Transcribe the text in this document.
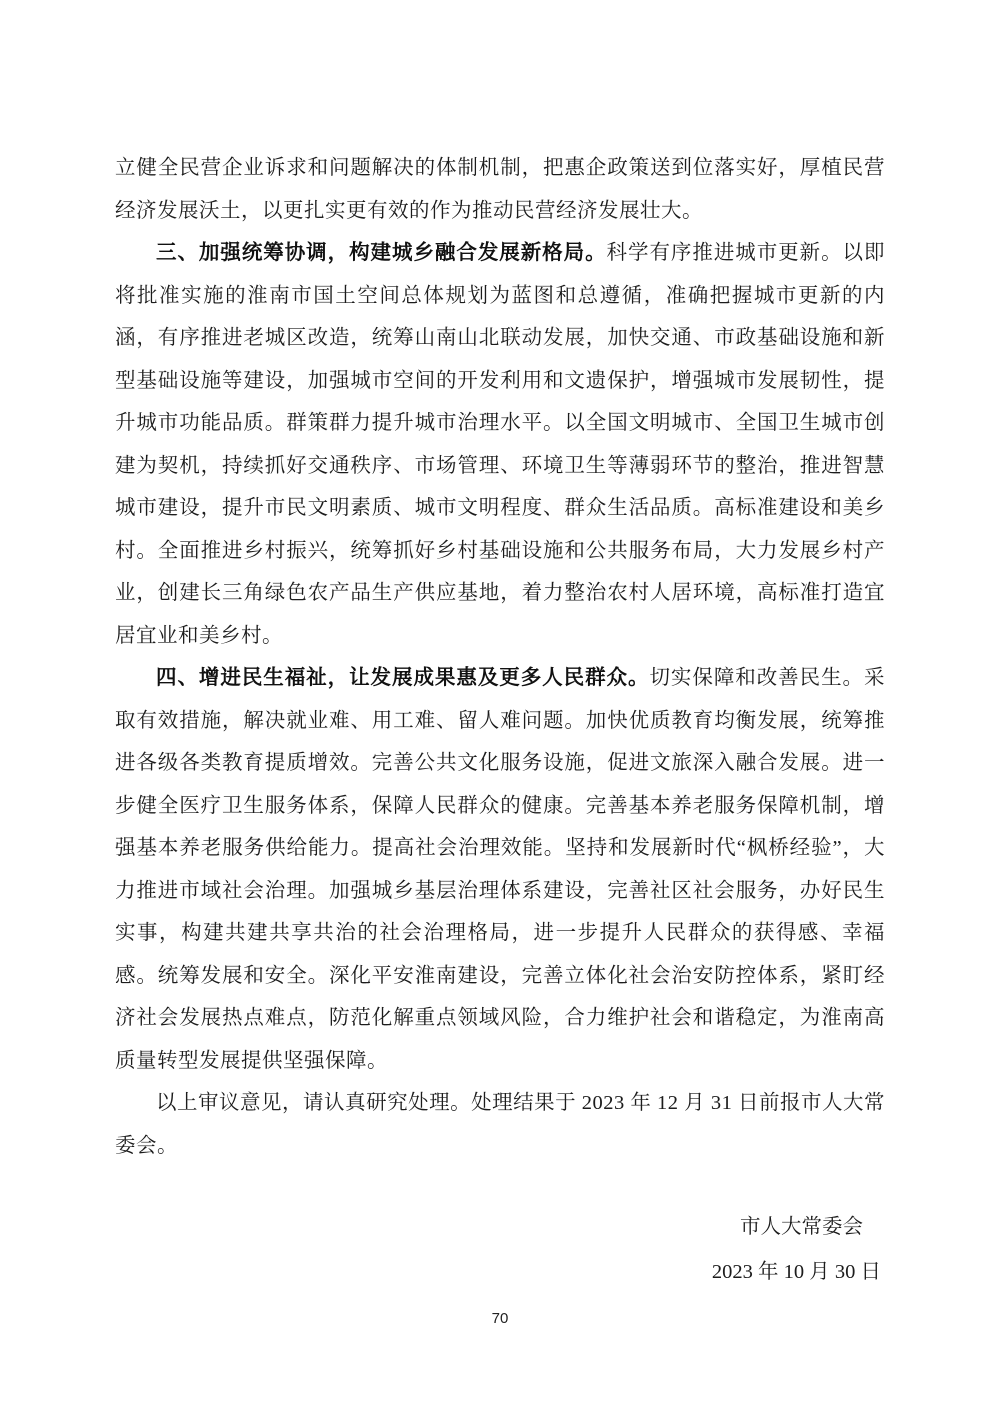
立健全民营企业诉求和问题解决的体制机制，把惠企政策送到位落实好，厚植民营经济发展沃土，以更扎实更有效的作为推动民营经济发展壮大。

三、加强统筹协调，构建城乡融合发展新格局。科学有序推进城市更新。以即将批准实施的淮南市国土空间总体规划为蓝图和总遵循，准确把握城市更新的内涵，有序推进老城区改造，统筹山南山北联动发展，加快交通、市政基础设施和新型基础设施等建设，加强城市空间的开发利用和文遗保护，增强城市发展韧性，提升城市功能品质。群策群力提升城市治理水平。以全国文明城市、全国卫生城市创建为契机，持续抓好交通秩序、市场管理、环境卫生等薄弱环节的整治，推进智慧城市建设，提升市民文明素质、城市文明程度、群众生活品质。高标准建设和美乡村。全面推进乡村振兴，统筹抓好乡村基础设施和公共服务布局，大力发展乡村产业，创建长三角绿色农产品生产供应基地，着力整治农村人居环境，高标准打造宜居宜业和美乡村。

四、增进民生福祉，让发展成果惠及更多人民群众。切实保障和改善民生。采取有效措施，解决就业难、用工难、留人难问题。加快优质教育均衡发展，统筹推进各级各类教育提质增效。完善公共文化服务设施，促进文旅深入融合发展。进一步健全医疗卫生服务体系，保障人民群众的健康。完善基本养老服务保障机制，增强基本养老服务供给能力。提高社会治理效能。坚持和发展新时代“枫桥经验”，大力推进市域社会治理。加强城乡基层治理体系建设，完善社区社会服务，办好民生实事，构建共建共享共治的社会治理格局，进一步提升人民群众的获得感、幸福感。统筹发展和安全。深化平安淮南建设，完善立体化社会治安防控体系，紧盯经济社会发展热点难点，防范化解重点领域风险，合力维护社会和谐稳定，为淮南高质量转型发展提供坚强保障。

以上审议意见，请认真研究处理。处理结果于 2023 年 12 月 31 日前报市人大常委会。

市人大常委会
2023 年 10 月 30 日
70
